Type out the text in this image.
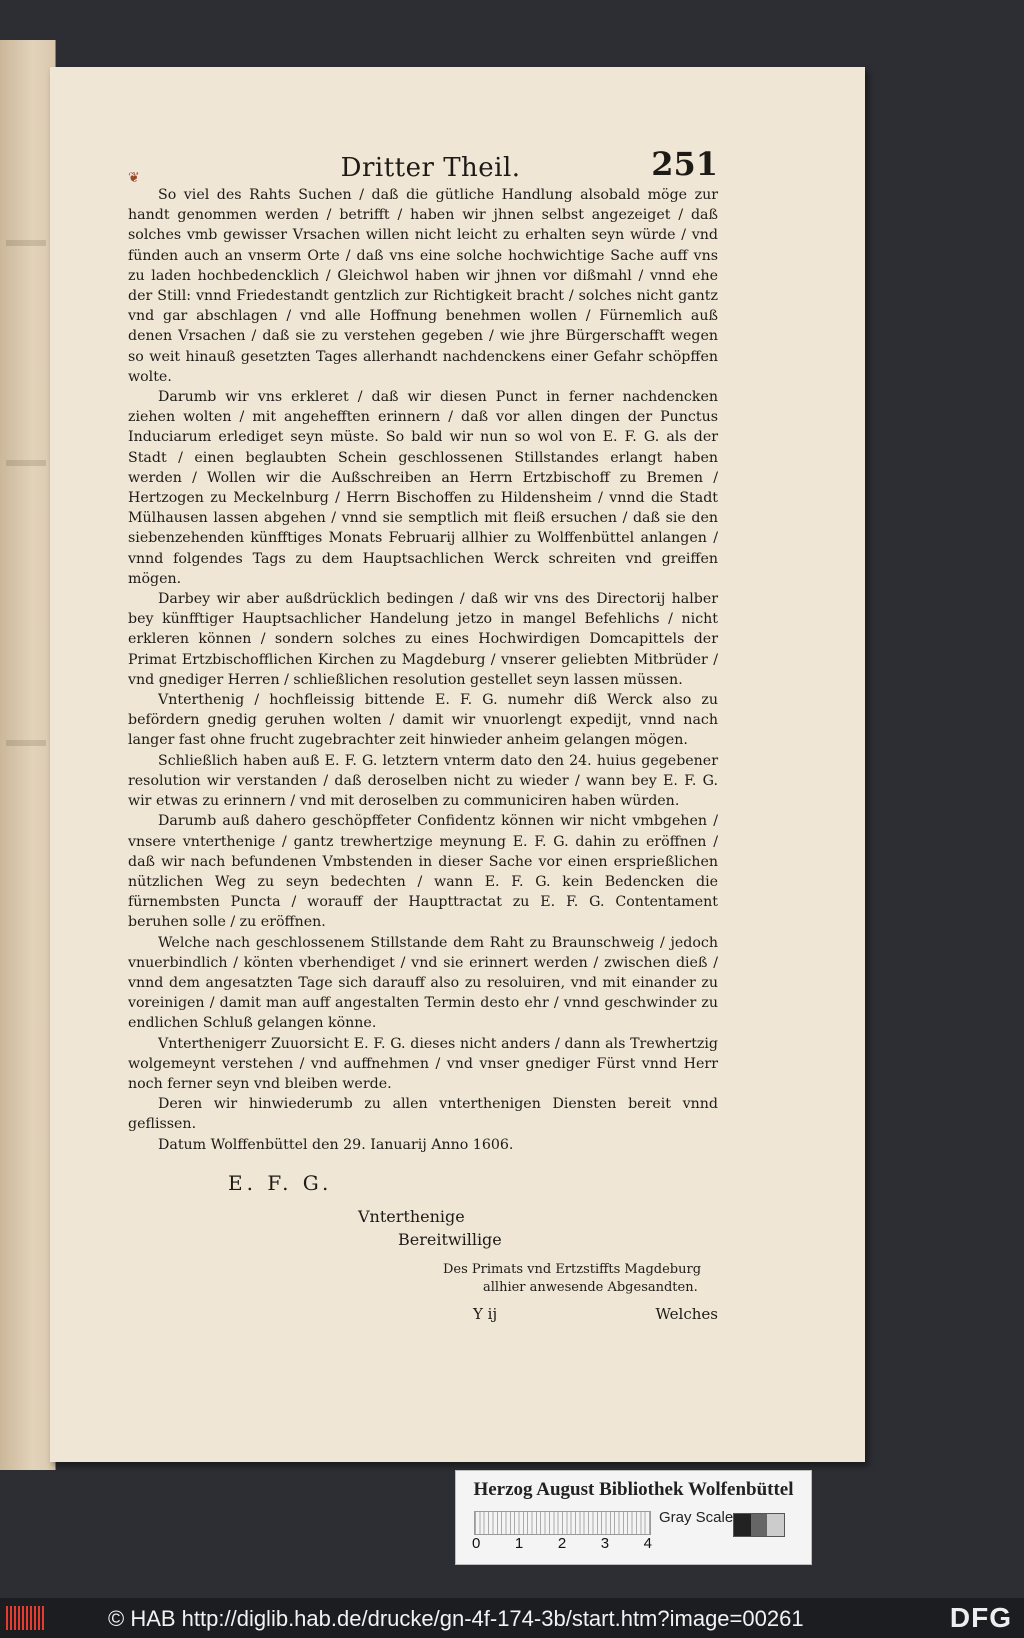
❦	Dritter Theil.	251

So viel des Rahts Suchen / daß die gütliche Handlung alsobald möge zur handt genommen werden / betrifft / haben wir jhnen selbst angezeiget / daß solches vmb gewisser Vrsachen willen nicht leicht zu erhalten seyn würde / vnd fünden auch an vnserm Orte / daß vns eine solche hochwichtige Sache auff vns zu laden hochbedencklich / Gleichwol haben wir jhnen vor dißmahl / vnnd ehe der Still: vnnd Friedestandt gentzlich zur Richtigkeit bracht / solches nicht gantz vnd gar abschlagen / vnd alle Hoffnung benehmen wollen / Fürnemlich auß denen Vrsachen / daß sie zu verstehen gegeben / wie jhre Bürgerschafft wegen so weit hinauß gesetzten Tages allerhandt nachdenckens einer Gefahr schöpffen wolte.

Darumb wir vns erkleret / daß wir diesen Punct in ferner nachdencken ziehen wolten / mit angehefften erinnern / daß vor allen dingen der Punctus Induciarum erlediget seyn müste. So bald wir nun so wol von E. F. G. als der Stadt / einen beglaubten Schein geschlossenen Stillstandes erlangt haben werden / Wollen wir die Außschreiben an Herrn Ertzbischoff zu Bremen / Hertzogen zu Meckelnburg / Herrn Bischoffen zu Hildensheim / vnnd die Stadt Mülhausen lassen abgehen / vnnd sie semptlich mit fleiß ersuchen / daß sie den siebenzehenden künfftiges Monats Februarij allhier zu Wolffenbüttel anlangen / vnnd folgendes Tags zu dem Hauptsachlichen Werck schreiten vnd greiffen mögen.

Darbey wir aber außdrücklich bedingen / daß wir vns des Directorij halber bey künfftiger Hauptsachlicher Handelung jetzo in mangel Befehlichs / nicht erkleren können / sondern solches zu eines Hochwirdigen Domcapittels der Primat Ertzbischofflichen Kirchen zu Magdeburg / vnserer geliebten Mitbrüder / vnd gnediger Herren / schließlichen resolution gestellet seyn lassen müssen.

Vnterthenig / hochfleissig bittende E. F. G. numehr diß Werck also zu befördern gnedig geruhen wolten / damit wir vnuorlengt expedijt, vnnd nach langer fast ohne frucht zugebrachter zeit hinwieder anheim gelangen mögen.

Schließlich haben auß E. F. G. letztern vnterm dato den 24. huius gegebener resolution wir verstanden / daß deroselben nicht zu wieder / wann bey E. F. G. wir etwas zu erinnern / vnd mit deroselben zu communiciren haben würden.

Darumb auß dahero geschöpffeter Confidentz können wir nicht vmbgehen / vnsere vnterthenige / gantz trewhertzige meynung E. F. G. dahin zu eröffnen / daß wir nach befundenen Vmbstenden in dieser Sache vor einen ersprießlichen nützlichen Weg zu seyn bedechten / wann E. F. G. kein Bedencken die fürnembsten Puncta / worauff der Haupttractat zu E. F. G. Contentament beruhen solle / zu eröffnen.

Welche nach geschlossenem Stillstande dem Raht zu Braunschweig / jedoch vnuerbindlich / könten vberhendiget / vnd sie erinnert werden / zwischen dieß / vnnd dem angesatzten Tage sich darauff also zu resoluiren, vnd mit einander zu voreinigen / damit man auff angestalten Termin desto ehr / vnnd geschwinder zu endlichen Schluß gelangen könne.

Vnterthenigerr Zuuorsicht E. F. G. dieses nicht anders / dann als Trewhertzig wolgemeynt verstehen / vnd auffnehmen / vnd vnser gnediger Fürst vnnd Herr noch ferner seyn vnd bleiben werde.

Deren wir hinwiederumb zu allen vnterthenigen Diensten bereit vnnd geflissen.

Datum Wolffenbüttel den 29. Ianuarij Anno 1606.

E. F. G.
Vnterthenige
Bereitwillige
Des Primats vnd Ertzstiffts Magdeburg
allhier anwesende Abgesandten.
Y ij	Welches
Herzog August Bibliothek Wolfenbüttel
0 1 2 3 4
Gray Scale
© HAB http://diglib.hab.de/drucke/gn-4f-174-3b/start.htm?image=00261	DFG
